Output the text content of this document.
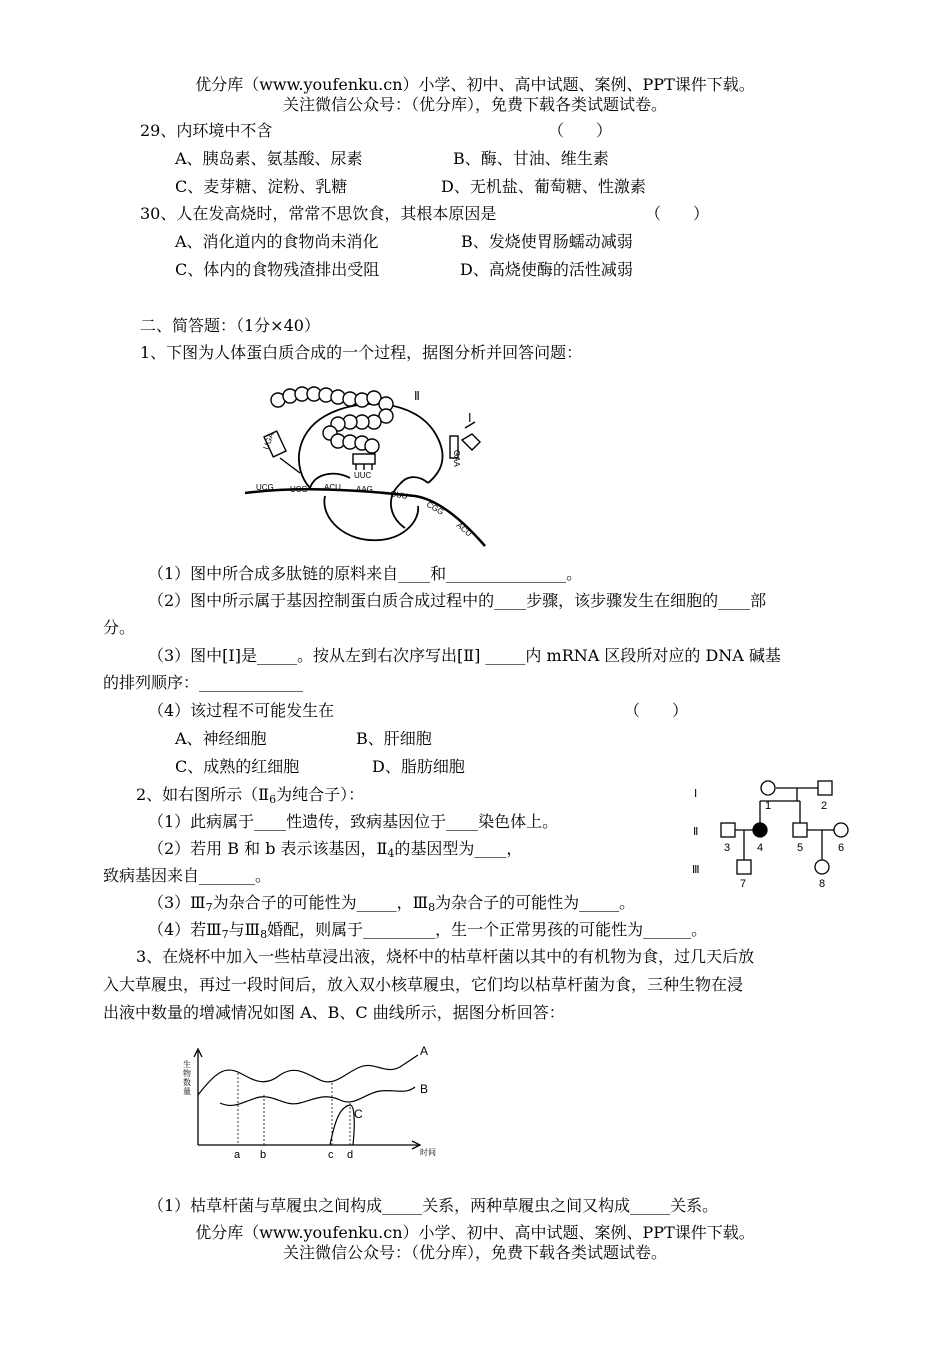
优分库（www.youfenku.cn）小学、初中、高中试题、案例、PPT课件下载。
关注微信公众号：（优分库），免费下载各类试题试卷。
29、内环境中不含	（　　）
A、胰岛素、氨基酸、尿素	B、酶、甘油、维生素
C、麦芽糖、淀粉、乳糖	D、无机盐、葡萄糖、性激素
30、人在发高烧时，常常不思饮食，其根本原因是	（　　）
A、消化道内的食物尚未消化	B、发烧使胃肠蠕动减弱
C、体内的食物残渣排出受阻	D、高烧使酶的活性减弱
二、简答题：（1分×40）
1、下图为人体蛋白质合成的一个过程，据图分析并回答问题：
Ⅱ
Ⅰ
UGA
UUC
GAA
UCG UCG ACU AAG CUU
CGG
ACU
（1）图中所合成多肽链的原料来自____和_______________。
（2）图中所示属于基因控制蛋白质合成过程中的____步骤，该步骤发生在细胞的____部
分。
（3）图中[Ⅰ]是_____。按从左到右次序写出[Ⅱ] _____内 mRNA 区段所对应的 DNA 碱基
的排列顺序：_____________
（4）该过程不可能发生在	（　　）
A、神经细胞	B、肝细胞
C、成熟的红细胞	D、脂肪细胞
2、如右图所示（Ⅱ6为纯合子）：
（1）此病属于____性遗传，致病基因位于____染色体上。
（2）若用 B 和 b 表示该基因，Ⅱ4的基因型为____，
致病基因来自_______。
（3）Ⅲ7为杂合子的可能性为_____，Ⅲ8为杂合子的可能性为_____。
（4）若Ⅲ7与Ⅲ8婚配，则属于_________，生一个正常男孩的可能性为______。
Ⅰ
Ⅱ
Ⅲ
1	2
3 4	5	6
7	8
3、在烧杯中加入一些枯草浸出液，烧杯中的枯草杆菌以其中的有机物为食，过几天后放
入大草履虫，再过一段时间后，放入双小核草履虫，它们均以枯草杆菌为食，三种生物在浸
出液中数量的增减情况如图 A、B、C 曲线所示，据图分析回答：
生
物
数
量
时间
a b	c d
A
B
C
（1）枯草杆菌与草履虫之间构成_____关系，两种草履虫之间又构成_____关系。
优分库（www.youfenku.cn）小学、初中、高中试题、案例、PPT课件下载。
关注微信公众号：（优分库），免费下载各类试题试卷。
